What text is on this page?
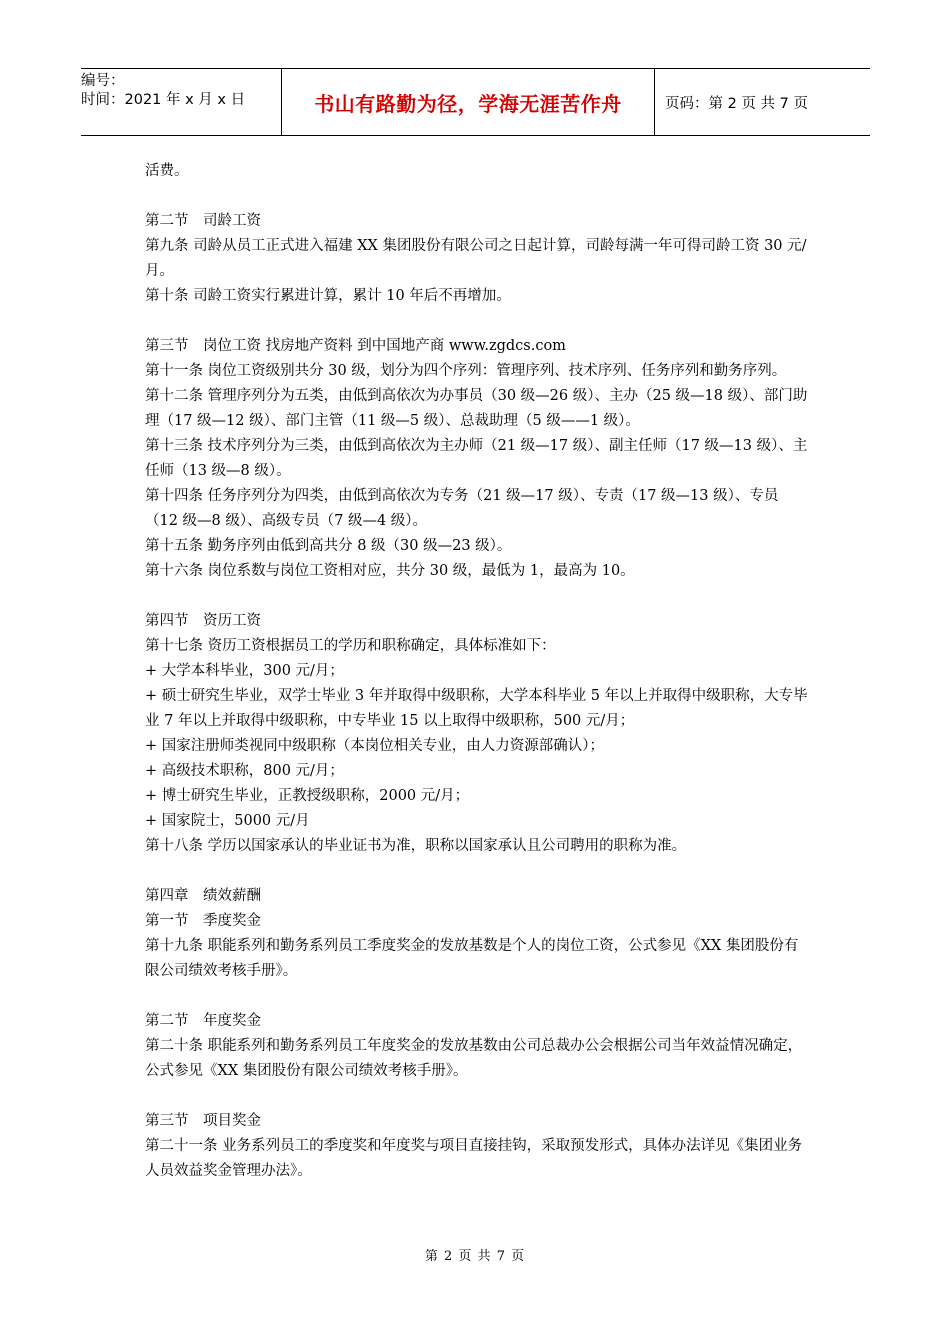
编号：
时间：2021 年 x 月 x 日	书山有路勤为径，学海无涯苦作舟	页码：第 2 页 共 7 页

活费。

第二节　司龄工资

第九条 司龄从员工正式进入福建 XX 集团股份有限公司之日起计算，司龄每满一年可得司龄工资 30 元/月。

第十条 司龄工资实行累进计算，累计 10 年后不再增加。

第三节　岗位工资 找房地产资料 到中国地产商 www.zgdcs.com

第十一条 岗位工资级别共分 30 级，划分为四个序列：管理序列、技术序列、任务序列和勤务序列。

第十二条 管理序列分为五类，由低到高依次为办事员（30 级—26 级）、主办（25 级—18 级）、部门助理（17 级—12 级）、部门主管（11 级—5 级）、总裁助理（5 级——1 级）。

第十三条 技术序列分为三类，由低到高依次为主办师（21 级—17 级）、副主任师（17 级—13 级）、主任师（13 级—8 级）。

第十四条 任务序列分为四类，由低到高依次为专务（21 级—17 级）、专责（17 级—13 级）、专员（12 级—8 级）、高级专员（7 级—4 级）。

第十五条 勤务序列由低到高共分 8 级（30 级—23 级）。

第十六条 岗位系数与岗位工资相对应，共分 30 级，最低为 1，最高为 10。

第四节　资历工资

第十七条 资历工资根据员工的学历和职称确定，具体标准如下：

+ 大学本科毕业，300 元/月；

+ 硕士研究生毕业，双学士毕业 3 年并取得中级职称，大学本科毕业 5 年以上并取得中级职称，大专毕业 7 年以上并取得中级职称，中专毕业 15 以上取得中级职称，500 元/月；

+ 国家注册师类视同中级职称（本岗位相关专业，由人力资源部确认）；

+ 高级技术职称，800 元/月；

+ 博士研究生毕业，正教授级职称，2000 元/月；

+ 国家院士，5000 元/月

第十八条 学历以国家承认的毕业证书为准，职称以国家承认且公司聘用的职称为准。

第四章　绩效薪酬

第一节　季度奖金

第十九条 职能系列和勤务系列员工季度奖金的发放基数是个人的岗位工资，公式参见《XX 集团股份有限公司绩效考核手册》。

第二节　年度奖金

第二十条 职能系列和勤务系列员工年度奖金的发放基数由公司总裁办公会根据公司当年效益情况确定，公式参见《XX 集团股份有限公司绩效考核手册》。

第三节　项目奖金

第二十一条 业务系列员工的季度奖和年度奖与项目直接挂钩，采取预发形式，具体办法详见《集团业务人员效益奖金管理办法》。

第 2 页 共 7 页
